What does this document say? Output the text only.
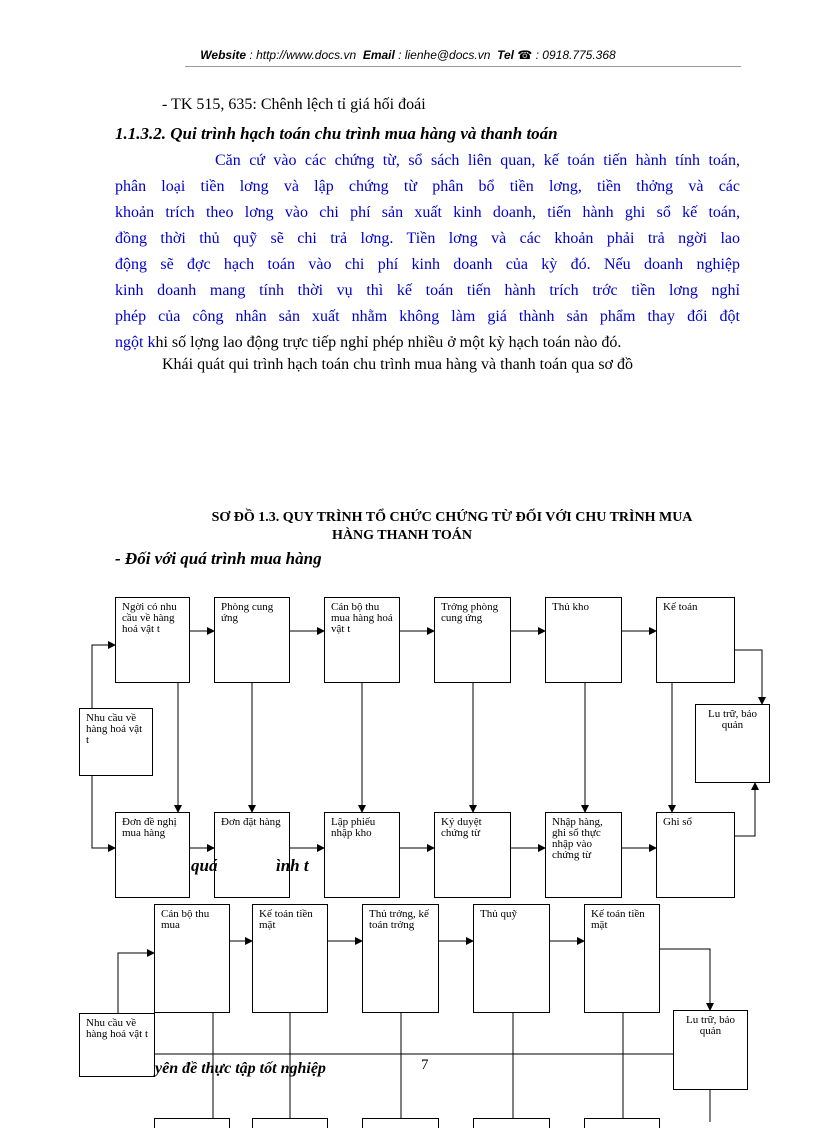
Website : http://www.docs.vn Email : lienhe@docs.vn Tel ☎ : 0918.775.368
- TK 515, 635: Chênh lệch tỉ giá hối đoái
1.1.3.2. Qui trình hạch toán chu trình mua hàng và thanh toán
Căn cứ vào các chứng từ, sổ sách liên quan, kế toán tiến hành tính toán,
phân loại tiền lơng và lập chứng từ phân bổ tiền lơng, tiền thởng và các
khoản trích theo lơng vào chi phí sản xuất kinh doanh, tiến hành ghi sổ kế toán,
đồng thời thủ quỹ sẽ chi trả lơng. Tiền lơng và các khoản phải trả ngời lao
động sẽ đợc hạch toán vào chi phí kinh doanh của kỳ đó. Nếu doanh nghiệp
kinh doanh mang tính thời vụ thì kế toán tiến hành trích trớc tiền lơng nghỉ
phép của công nhân sản xuất nhằm không làm giá thành sản phẩm thay đổi đột
ngột khi số lợng lao động trực tiếp nghỉ phép nhiều ở một kỳ hạch toán nào đó.
Khái quát qui trình hạch toán chu trình mua hàng và thanh toán qua sơ đồ
SƠ ĐỒ 1.3. QUY TRÌNH TỔ CHỨC CHỨNG TỪ ĐỐI VỚI CHU TRÌNH MUA
HÀNG THANH TOÁN
- Đối với quá trình mua hàng
Ngời có nhu cầu về hàng hoá vật t
Phòng cung ứng
Cán bộ thu mua hàng hoá vật t
Trởng phòng cung ứng
Thủ kho	Kế toán
Nhu cầu về hàng hoá vật t
Lu trữ, bảo quản
Đơn đề nghị mua hàng
Đơn đặt hàng	Lập phiếu nhập kho
Ký duyệt chứng từ
Nhập hàng, ghi sổ thực nhập vào chứng từ
Ghi sổ
quá	ình t
Cán bộ thu mua
Kế toán tiền mặt
Thủ trởng, kế toán trởng
Thủ quỹ	Kế toán tiền mặt
Nhu cầu về hàng hoá vật t
Lu trữ, bảo quản
yên đề thực tập tốt nghiệp	7
